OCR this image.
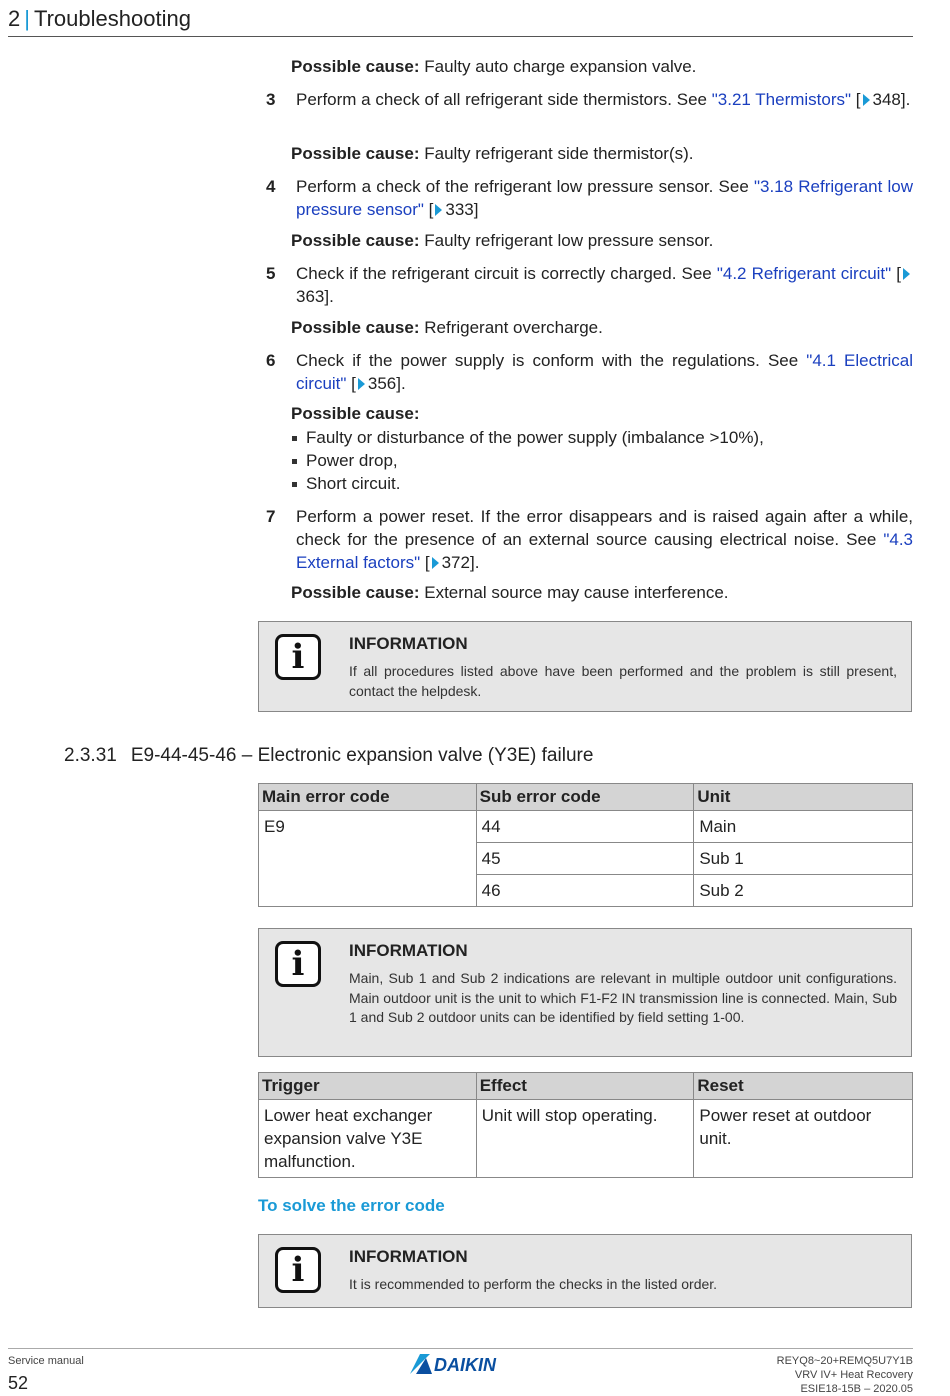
2 | Troubleshooting
Possible cause: Faulty auto charge expansion valve.
3	Perform a check of all refrigerant side thermistors. See "3.21 Thermistors" [ 348].
Possible cause: Faulty refrigerant side thermistor(s).
4	Perform a check of the refrigerant low pressure sensor. See "3.18 Refrigerant low pressure sensor" [ 333]
Possible cause: Faulty refrigerant low pressure sensor.
5	Check if the refrigerant circuit is correctly charged. See "4.2 Refrigerant circuit" [363].
Possible cause: Refrigerant overcharge.
6	Check if the power supply is conform with the regulations. See "4.1 Electrical circuit" [ 356].
Possible cause:
Faulty or disturbance of the power supply (imbalance >10%),
Power drop,
Short circuit.
7	Perform a power reset. If the error disappears and is raised again after a while, check for the presence of an external source causing electrical noise. See "4.3 External factors" [ 372].
Possible cause: External source may cause interference.
i	INFORMATION
If all procedures listed above have been performed and the problem is still present, contact the helpdesk.
2.3.31 E9-44-45-46 – Electronic expansion valve (Y3E) failure
Main error code	Sub error code	Unit
E9	44	Main
	45	Sub 1
	46	Sub 2
i	INFORMATION
Main, Sub 1 and Sub 2 indications are relevant in multiple outdoor unit configurations. Main outdoor unit is the unit to which F1-F2 IN transmission line is connected. Main, Sub 1 and Sub 2 outdoor units can be identified by field setting 1-00.
Trigger	Effect	Reset
Lower heat exchanger expansion valve Y3E malfunction.	Unit will stop operating.	Power reset at outdoor unit.
To solve the error code
i	INFORMATION
It is recommended to perform the checks in the listed order.
Service manual
52
DAIKIN	REYQ8~20+REMQ5U7Y1B
VRV IV+ Heat Recovery
ESIE18-15B – 2020.05
